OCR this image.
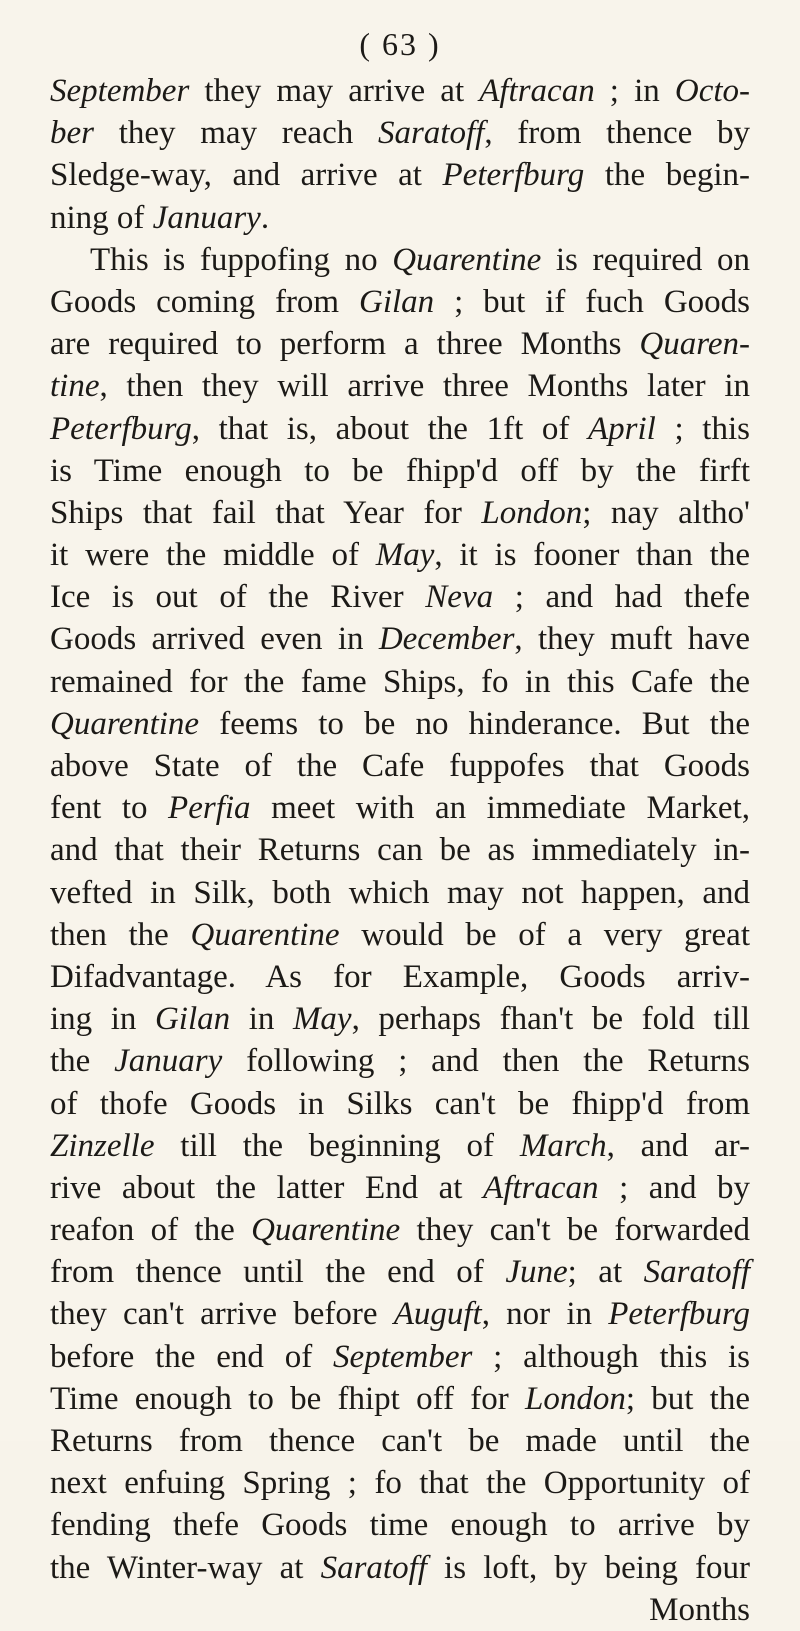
( 63 )
September they may arrive at Aftracan ; in Octo-
ber they may reach Saratoff, from thence by
Sledge-way, and arrive at Peterfburg the begin-
ning of January.
This is fuppofing no Quarentine is required on
Goods coming from Gilan ; but if fuch Goods
are required to perform a three Months Quaren-
tine, then they will arrive three Months later in
Peterfburg, that is, about the 1ft of April ; this
is Time enough to be fhipp'd off by the firft
Ships that fail that Year for London; nay altho'
it were the middle of May, it is fooner than the
Ice is out of the River Neva ; and had thefe
Goods arrived even in December, they muft have
remained for the fame Ships, fo in this Cafe the
Quarentine feems to be no hinderance. But the
above State of the Cafe fuppofes that Goods
fent to Perfia meet with an immediate Market,
and that their Returns can be as immediately in-
vefted in Silk, both which may not happen, and
then the Quarentine would be of a very great
Difadvantage. As for Example, Goods arriv-
ing in Gilan in May, perhaps fhan't be fold till
the January following ; and then the Returns
of thofe Goods in Silks can't be fhipp'd from
Zinzelle till the beginning of March, and ar-
rive about the latter End at Aftracan ; and by
reafon of the Quarentine they can't be forwarded
from thence until the end of June; at Saratoff
they can't arrive before Auguft, nor in Peterfburg
before the end of September ; although this is
Time enough to be fhipt off for London; but the
Returns from thence can't be made until the
next enfuing Spring ; fo that the Opportunity of
fending thefe Goods time enough to arrive by
the Winter-way at Saratoff is loft, by being four
Months
